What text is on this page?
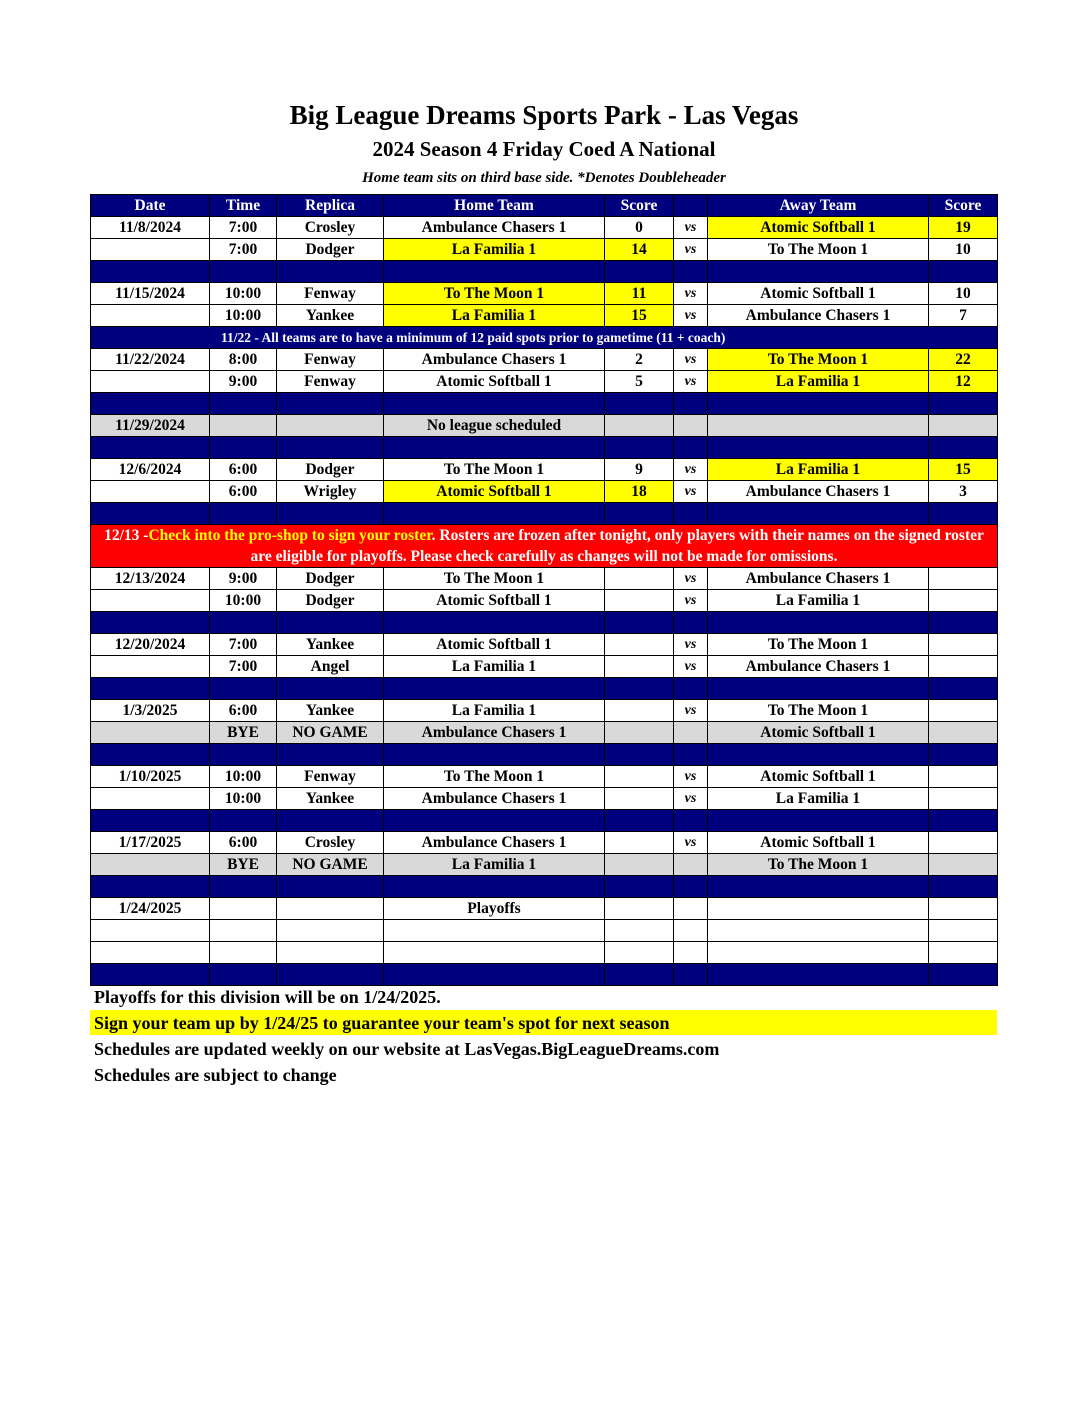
Big League Dreams Sports Park - Las Vegas
2024 Season 4 Friday Coed A National
Home team sits on third base side. *Denotes Doubleheader
Date	Time	Replica	Home Team	Score		Away Team	Score
11/8/2024	7:00	Crosley	Ambulance Chasers 1	0	vs	Atomic Softball 1	19
	7:00	Dodger	La Familia 1	14	vs	To The Moon 1	10

11/15/2024	10:00	Fenway	To The Moon 1	11	vs	Atomic Softball 1	10
	10:00	Yankee	La Familia 1	15	vs	Ambulance Chasers 1	7
11/22 - All teams are to have a minimum of 12 paid spots prior to gametime (11 + coach)							
11/22/2024	8:00	Fenway	Ambulance Chasers 1	2	vs	To The Moon 1	22
	9:00	Fenway	Atomic Softball 1	5	vs	La Familia 1	12

11/29/2024			No league scheduled				

12/6/2024	6:00	Dodger	To The Moon 1	9	vs	La Familia 1	15
	6:00	Wrigley	Atomic Softball 1	18	vs	Ambulance Chasers 1	3

12/13 -Check into the pro-shop to sign your roster. Rosters are frozen after tonight, only players with their names on the signed roster are eligible for playoffs. Please check carefully as changes will not be made for omissions.							
12/13/2024	9:00	Dodger	To The Moon 1		vs	Ambulance Chasers 1	
	10:00	Dodger	Atomic Softball 1		vs	La Familia 1	

12/20/2024	7:00	Yankee	Atomic Softball 1		vs	To The Moon 1	
	7:00	Angel	La Familia 1		vs	Ambulance Chasers 1	

1/3/2025	6:00	Yankee	La Familia 1		vs	To The Moon 1	
	BYE	NO GAME	Ambulance Chasers 1			Atomic Softball 1	

1/10/2025	10:00	Fenway	To The Moon 1		vs	Atomic Softball 1	
	10:00	Yankee	Ambulance Chasers 1		vs	La Familia 1	

1/17/2025	6:00	Crosley	Ambulance Chasers 1		vs	Atomic Softball 1	
	BYE	NO GAME	La Familia 1			To The Moon 1	

1/24/2025			Playoffs				

Playoffs for this division will be on 1/24/2025.
Sign your team up by 1/24/25 to guarantee your team's spot for next season
Schedules are updated weekly on our website at LasVegas.BigLeagueDreams.com
Schedules are subject to change
